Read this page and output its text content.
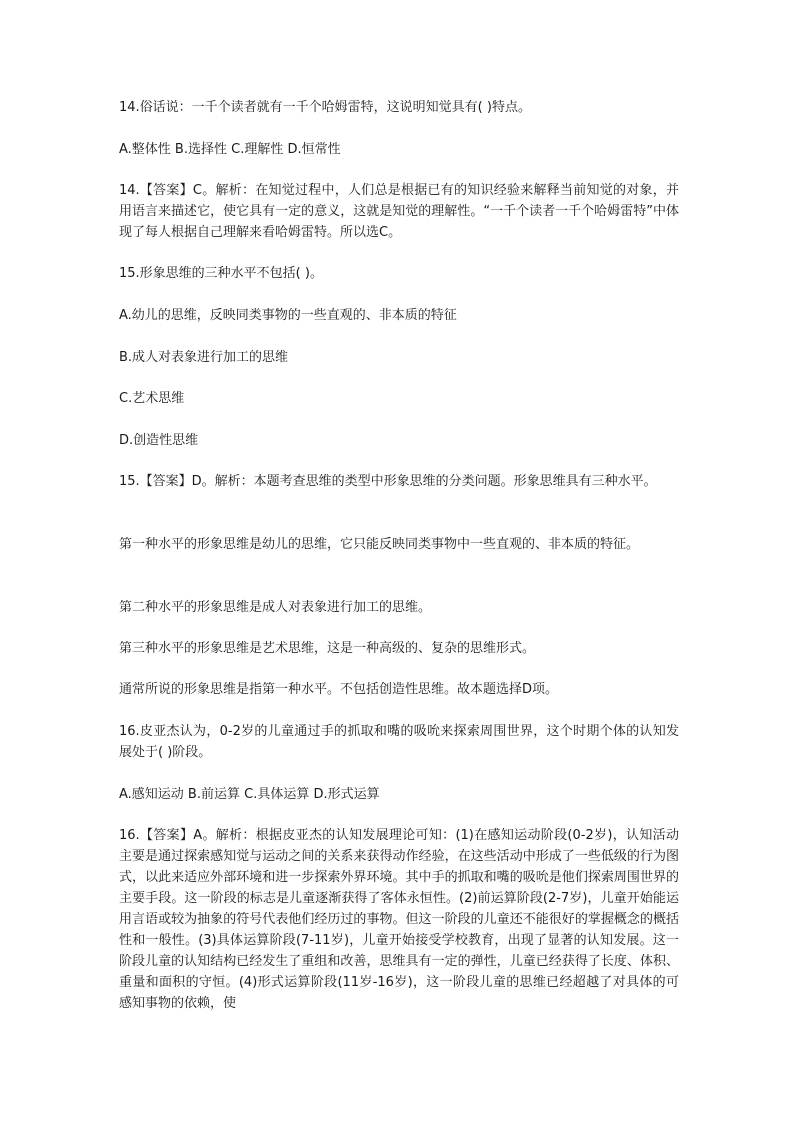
14.俗话说：一千个读者就有一千个哈姆雷特，这说明知觉具有( )特点。

A.整体性 B.选择性 C.理解性 D.恒常性

14.【答案】C。解析：在知觉过程中，人们总是根据已有的知识经验来解释当前知觉的对象，并用语言来描述它，使它具有一定的意义，这就是知觉的理解性。“一千个读者一千个哈姆雷特”中体现了每人根据自己理解来看哈姆雷特。所以选C。

15.形象思维的三种水平不包括( )。

A.幼儿的思维，反映同类事物的一些直观的、非本质的特征

B.成人对表象进行加工的思维

C.艺术思维

D.创造性思维

15.【答案】D。解析：本题考查思维的类型中形象思维的分类问题。形象思维具有三种水平。

第一种水平的形象思维是幼儿的思维，它只能反映同类事物中一些直观的、非本质的特征。

第二种水平的形象思维是成人对表象进行加工的思维。

第三种水平的形象思维是艺术思维，这是一种高级的、复杂的思维形式。

通常所说的形象思维是指第一种水平。不包括创造性思维。故本题选择D项。

16.皮亚杰认为，0-2岁的儿童通过手的抓取和嘴的吸吮来探索周围世界，这个时期个体的认知发展处于( )阶段。

A.感知运动 B.前运算 C.具体运算 D.形式运算

16.【答案】A。解析：根据皮亚杰的认知发展理论可知：(1)在感知运动阶段(0-2岁)，认知活动主要是通过探索感知觉与运动之间的关系来获得动作经验，在这些活动中形成了一些低级的行为图式，以此来适应外部环境和进一步探索外界环境。其中手的抓取和嘴的吸吮是他们探索周围世界的主要手段。这一阶段的标志是儿童逐渐获得了客体永恒性。(2)前运算阶段(2-7岁)，儿童开始能运用言语或较为抽象的符号代表他们经历过的事物。但这一阶段的儿童还不能很好的掌握概念的概括性和一般性。(3)具体运算阶段(7-11岁)，儿童开始接受学校教育，出现了显著的认知发展。这一阶段儿童的认知结构已经发生了重组和改善，思维具有一定的弹性，儿童已经获得了长度、体积、重量和面积的守恒。(4)形式运算阶段(11岁-16岁)，这一阶段儿童的思维已经超越了对具体的可感知事物的依赖，使
